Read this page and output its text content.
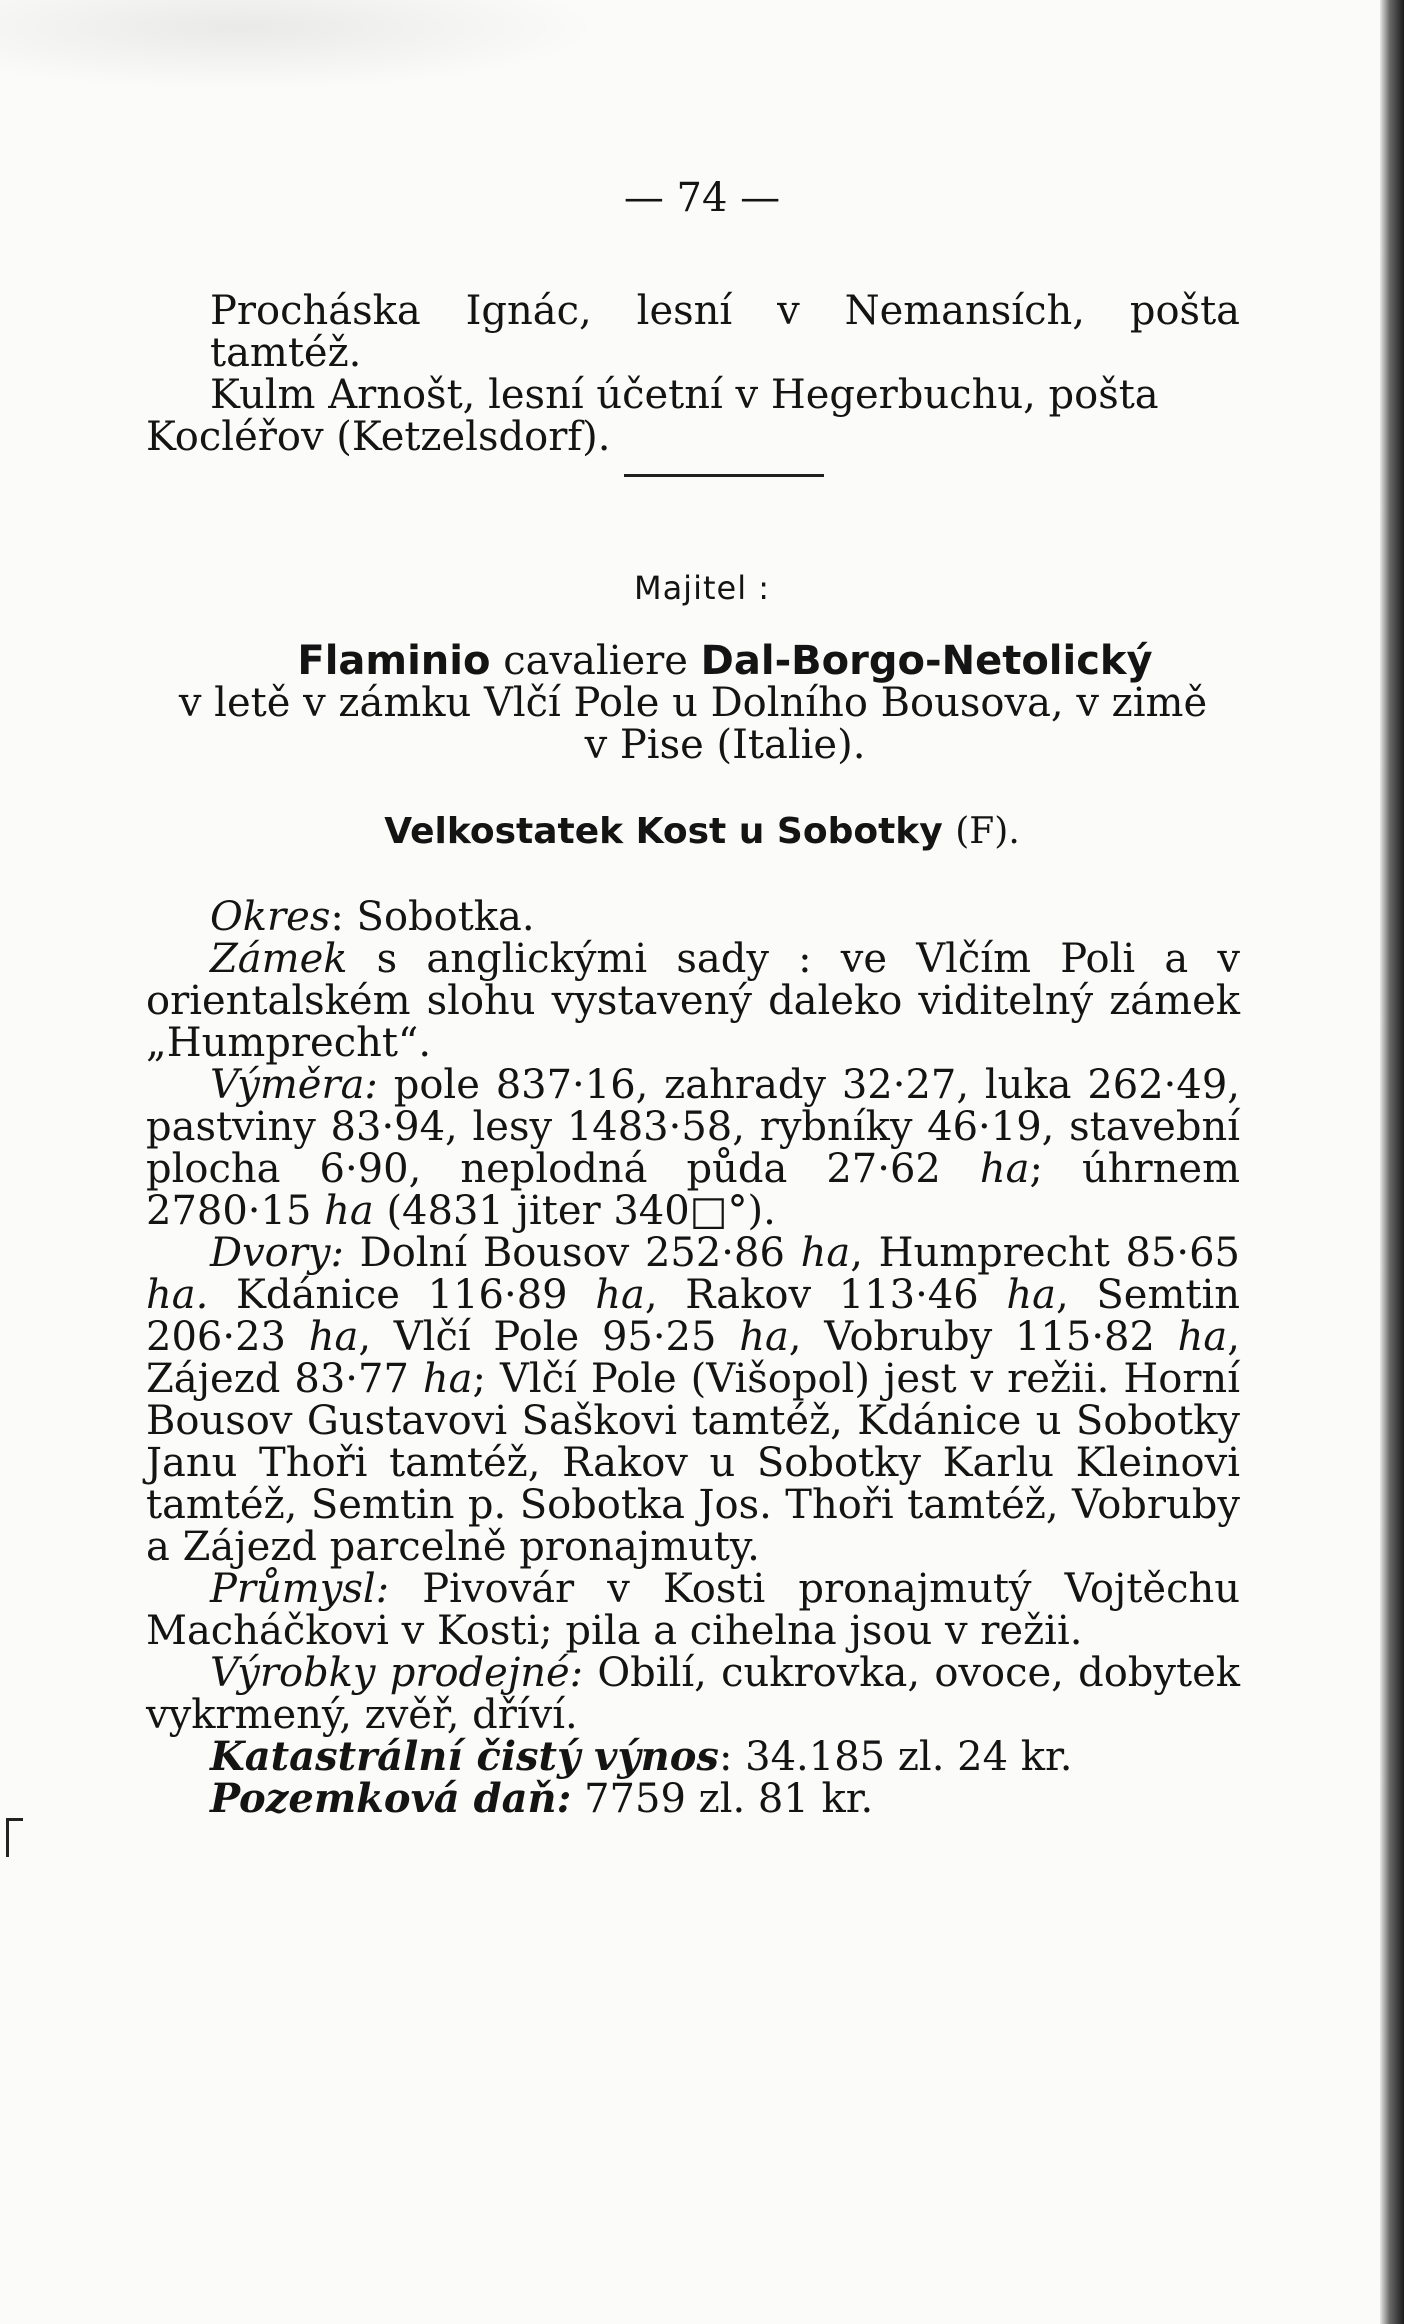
— 74 —
Procháska Ignác, lesní v Nemansích, pošta tamtéž.
Kulm Arnošt, lesní účetní v Hegerbuchu, pošta
Kocléřov (Ketzelsdorf).
Majitel :
Flaminio cavaliere Dal-Borgo-Netolický
v letě v zámku Vlčí Pole u Dolního Bousova, v zimě
v Pise (Italie).
Velkostatek Kost u Sobotky (F).
Okres: Sobotka.
Zámek s anglickými sady : ve Vlčím Poli a v orientalském slohu vystavený daleko viditelný zámek „Humprecht“.
Výměra: pole 837·16, zahrady 32·27, luka 262·49, pastviny 83·94, lesy 1483·58, rybníky 46·19, stavební plocha 6·90, neplodná půda 27·62 ha; úhrnem 2780·15 ha (4831 jiter 340□°).
Dvory: Dolní Bousov 252·86 ha, Humprecht 85·65 ha. Kdánice 116·89 ha, Rakov 113·46 ha, Semtin 206·23 ha, Vlčí Pole 95·25 ha, Vobruby 115·82 ha, Zájezd 83·77 ha; Vlčí Pole (Višopol) jest v režii. Horní Bousov Gustavovi Saškovi tamtéž, Kdánice u Sobotky Janu Thoři tamtéž, Rakov u Sobotky Karlu Kleinovi tamtéž, Semtin p. Sobotka Jos. Thoři tamtéž, Vobruby a Zájezd parcelně pronajmuty.
Průmysl: Pivovár v Kosti pronajmutý Vojtěchu Macháčkovi v Kosti; pila a cihelna jsou v režii.
Výrobky prodejné: Obilí, cukrovka, ovoce, dobytek vykrmený, zvěř, dříví.
Katastrální čistý výnos: 34.185 zl. 24 kr.
Pozemková daň: 7759 zl. 81 kr.
